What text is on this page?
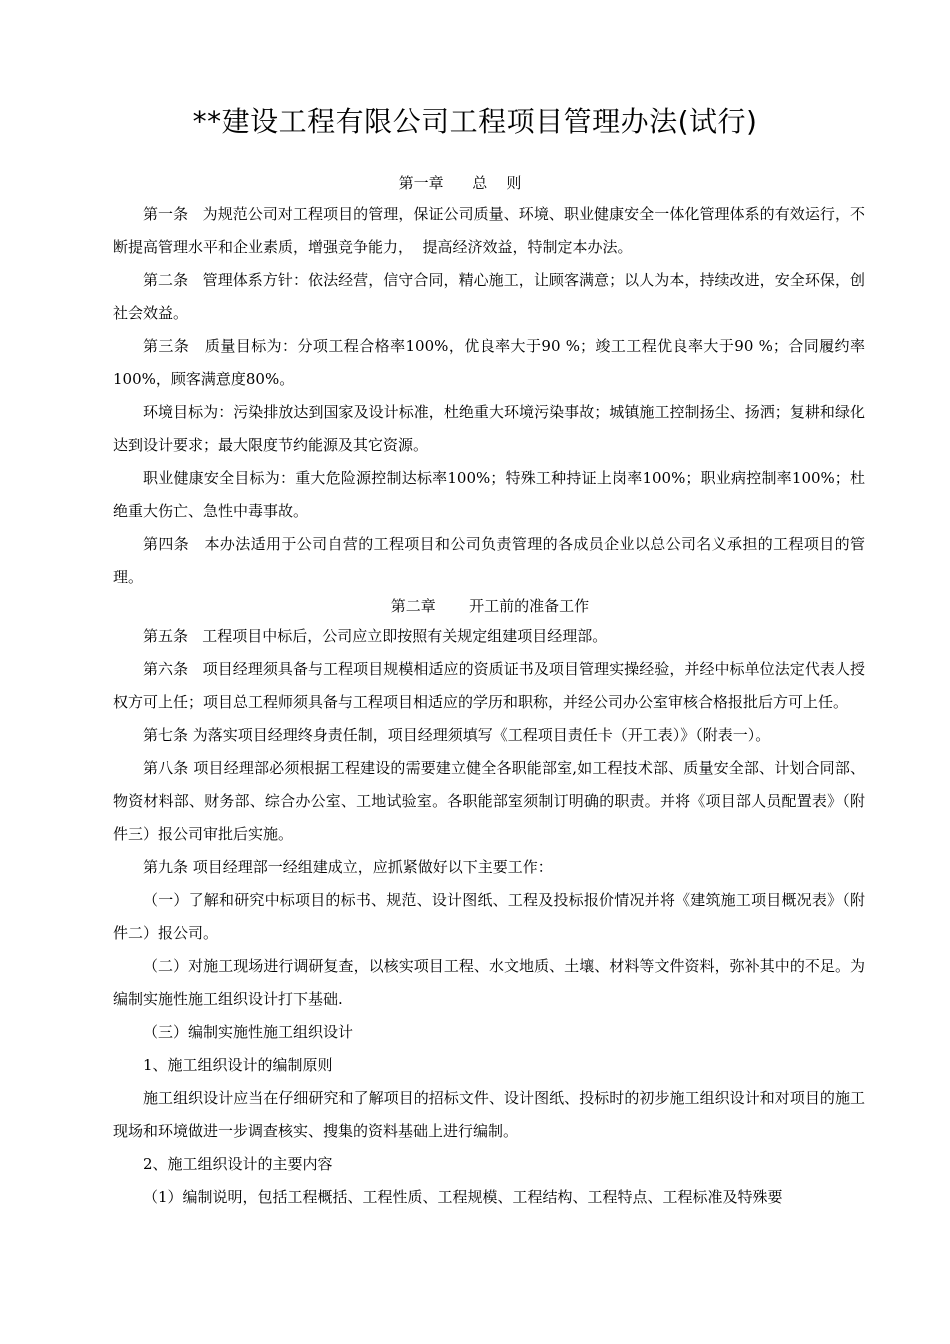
**建设工程有限公司工程项目管理办法(试行)
第一章      总    则

第一条   为规范公司对工程项目的管理，保证公司质量、环境、职业健康安全一体化管理体系的有效运行，不断提高管理水平和企业素质，增强竞争能力，  提高经济效益，特制定本办法。

第二条   管理体系方针：依法经营，信守合同，精心施工，让顾客满意；以人为本，持续改进，安全环保，创社会效益。

第三条   质量目标为：分项工程合格率100%，优良率大于90 %；竣工工程优良率大于90 %；合同履约率100%，顾客满意度80%。

环境目标为：污染排放达到国家及设计标准，杜绝重大环境污染事故；城镇施工控制扬尘、扬洒；复耕和绿化达到设计要求；最大限度节约能源及其它资源。

职业健康安全目标为：重大危险源控制达标率100%；特殊工种持证上岗率100%；职业病控制率100%；杜绝重大伤亡、急性中毒事故。

第四条   本办法适用于公司自营的工程项目和公司负责管理的各成员企业以总公司名义承担的工程项目的管理。

第二章       开工前的准备工作

第五条   工程项目中标后，公司应立即按照有关规定组建项目经理部。

第六条   项目经理须具备与工程项目规模相适应的资质证书及项目管理实操经验，并经中标单位法定代表人授权方可上任；项目总工程师须具备与工程项目相适应的学历和职称，并经公司办公室审核合格报批后方可上任。

第七条 为落实项目经理终身责任制，项目经理须填写《工程项目责任卡（开工表）》（附表一）。

第八条 项目经理部必须根据工程建设的需要建立健全各职能部室,如工程技术部、质量安全部、计划合同部、物资材料部、财务部、综合办公室、工地试验室。各职能部室须制订明确的职责。并将《项目部人员配置表》（附件三）报公司审批后实施。

第九条 项目经理部一经组建成立，应抓紧做好以下主要工作：

（一）了解和研究中标项目的标书、规范、设计图纸、工程及投标报价情况并将《建筑施工项目概况表》（附件二）报公司。

（二）对施工现场进行调研复查，以核实项目工程、水文地质、土壤、材料等文件资料，弥补其中的不足。为编制实施性施工组织设计打下基础.

（三）编制实施性施工组织设计

1、施工组织设计的编制原则

施工组织设计应当在仔细研究和了解项目的招标文件、设计图纸、投标时的初步施工组织设计和对项目的施工现场和环境做进一步调查核实、搜集的资料基础上进行编制。

2、施工组织设计的主要内容

（1）编制说明，包括工程概括、工程性质、工程规模、工程结构、工程特点、工程标准及特殊要
